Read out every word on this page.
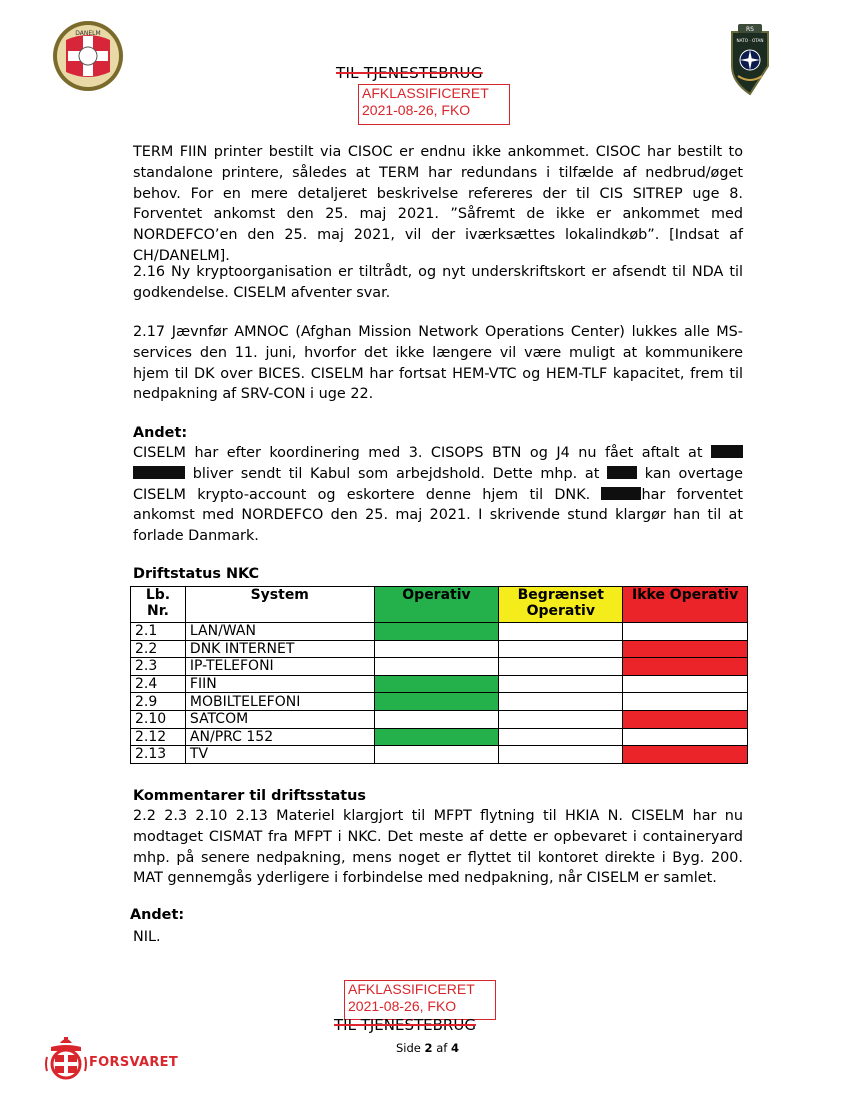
DANELM
RS
NATO · OTAN
TIL TJENESTEBRUG
AFKLASSIFICERET
2021-08-26, FKO

TERM FIIN printer bestilt via CISOC er endnu ikke ankommet. CISOC har bestilt to standalone printere, således at TERM har redundans i tilfælde af nedbrud/øget behov. For en mere detaljeret beskrivelse refereres der til CIS SITREP uge 8. Forventet ankomst den 25. maj 2021. ”Såfremt de ikke er ankommet med NORDEFCO’en den 25. maj 2021, vil der iværksættes lokalindkøb”. [Indsat af CH/DANELM].

2.16 Ny kryptoorganisation er tiltrådt, og nyt underskriftskort er afsendt til NDA til godkendelse. CISELM afventer svar.

2.17 Jævnfør AMNOC (Afghan Mission Network Operations Center) lukkes alle MS-services den 11. juni, hvorfor det ikke længere vil være muligt at kommunikere hjem til DK over BICES. CISELM har fortsat HEM-VTC og HEM-TLF kapacitet, frem til nedpakning af SRV-CON i uge 22.

Andet:

CISELM har efter koordinering med 3. CISOPS BTN og J4 nu fået aftalt at   bliver sendt til Kabul som arbejdshold. Dette mhp. at	kan overtage CISELM krypto-account og eskortere denne hjem til DNK.	har forventet ankomst med NORDEFCO den 25. maj 2021. I skrivende stund klargør han til at forlade Danmark.

Driftstatus NKC
Lb. Nr.	System	Operativ	Begrænset Operativ	Ikke Operativ
2.1	LAN/WAN			
2.2	DNK INTERNET			
2.3	IP-TELEFONI			
2.4	FIIN			
2.9	MOBILTELEFONI			
2.10	SATCOM			
2.12	AN/PRC 152			
2.13	TV			
Kommentarer til driftsstatus

2.2 2.3 2.10 2.13 Materiel klargjort til MFPT flytning til HKIA N. CISELM har nu modtaget CISMAT fra MFPT i NKC. Det meste af dette er opbevaret i containeryard mhp. på senere nedpakning, mens noget er flyttet til kontoret direkte i Byg. 200. MAT gennemgås yderligere i forbindelse med nedpakning, når CISELM er samlet.

Andet:
NIL.
AFKLASSIFICERET
2021-08-26, FKO
TIL TJENESTEBRUG
Side 2 af 4
FORSVARET
